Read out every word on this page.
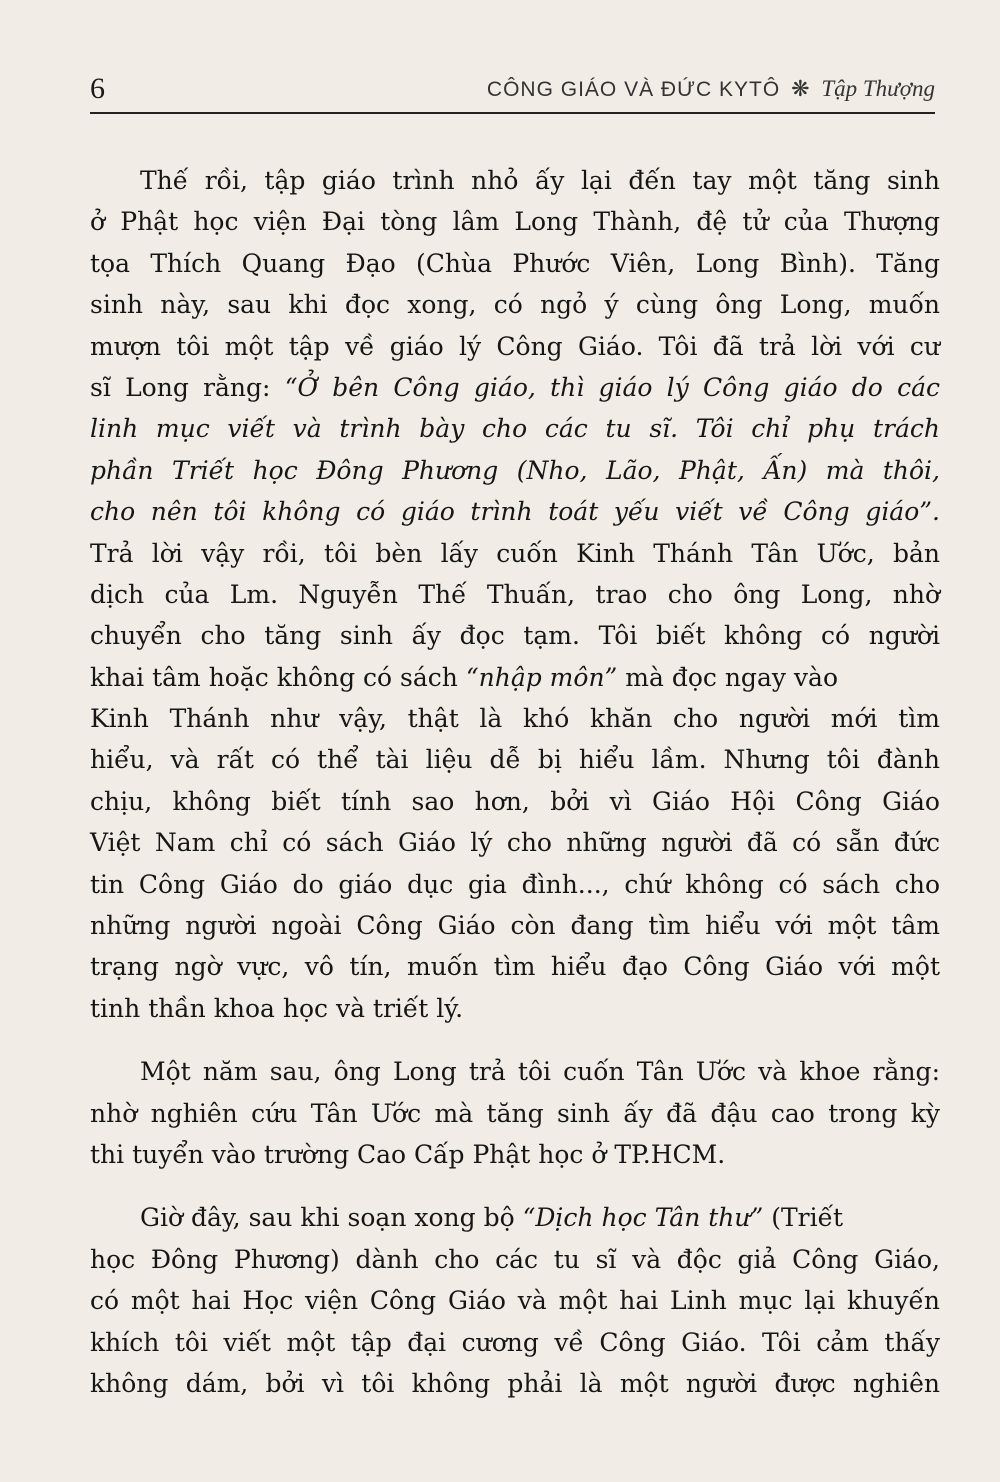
6	CÔNG GIÁO VÀ ĐỨC KYTÔ ❋ Tập Thượng
Thế rồi, tập giáo trình nhỏ ấy lại đến tay một tăng sinh
ở Phật học viện Đại tòng lâm Long Thành, đệ tử của Thượng
tọa Thích Quang Đạo (Chùa Phước Viên, Long Bình). Tăng
sinh này, sau khi đọc xong, có ngỏ ý cùng ông Long, muốn
mượn tôi một tập về giáo lý Công Giáo. Tôi đã trả lời với cư
sĩ Long rằng: “Ở bên Công giáo, thì giáo lý Công giáo do các
linh mục viết và trình bày cho các tu sĩ. Tôi chỉ phụ trách
phần Triết học Đông Phương (Nho, Lão, Phật, Ấn) mà thôi,
cho nên tôi không có giáo trình toát yếu viết về Công giáo”.
Trả lời vậy rồi, tôi bèn lấy cuốn Kinh Thánh Tân Ước, bản
dịch của Lm. Nguyễn Thế Thuấn, trao cho ông Long, nhờ
chuyển cho tăng sinh ấy đọc tạm. Tôi biết không có người
khai tâm hoặc không có sách “nhập môn” mà đọc ngay vào
Kinh Thánh như vậy, thật là khó khăn cho người mới tìm
hiểu, và rất có thể tài liệu dễ bị hiểu lầm. Nhưng tôi đành
chịu, không biết tính sao hơn, bởi vì Giáo Hội Công Giáo
Việt Nam chỉ có sách Giáo lý cho những người đã có sẵn đức
tin Công Giáo do giáo dục gia đình..., chứ không có sách cho
những người ngoài Công Giáo còn đang tìm hiểu với một tâm
trạng ngờ vực, vô tín, muốn tìm hiểu đạo Công Giáo với một
tinh thần khoa học và triết lý.
Một năm sau, ông Long trả tôi cuốn Tân Ước và khoe rằng:
nhờ nghiên cứu Tân Ước mà tăng sinh ấy đã đậu cao trong kỳ
thi tuyển vào trường Cao Cấp Phật học ở TP.HCM.
Giờ đây, sau khi soạn xong bộ “Dịch học Tân thư” (Triết
học Đông Phương) dành cho các tu sĩ và độc giả Công Giáo,
có một hai Học viện Công Giáo và một hai Linh mục lại khuyến
khích tôi viết một tập đại cương về Công Giáo. Tôi cảm thấy
không dám, bởi vì tôi không phải là một người được nghiên
